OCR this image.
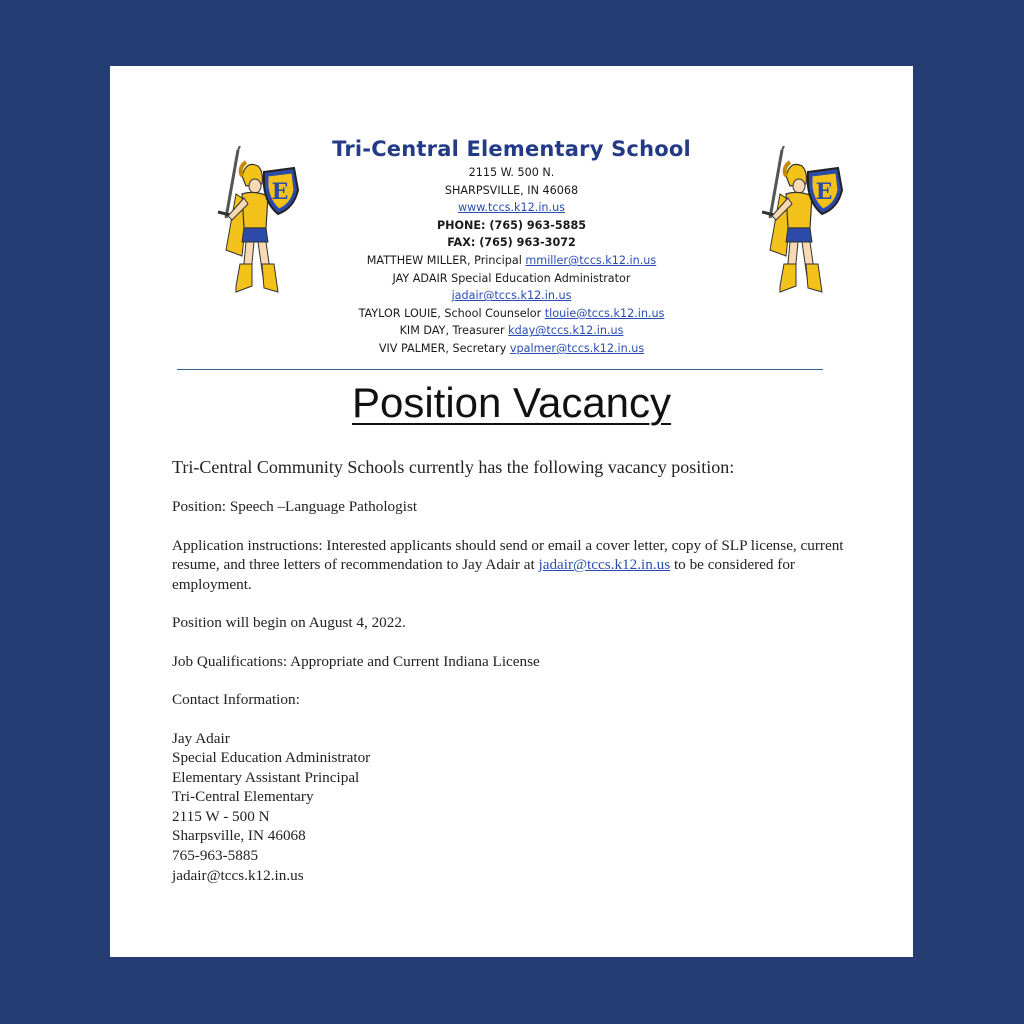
E	E
Tri-Central Elementary School
2115 W. 500 N.
SHARPSVILLE, IN 46068
www.tccs.k12.in.us
PHONE: (765) 963-5885
FAX: (765) 963-3072
MATTHEW MILLER, Principal mmiller@tccs.k12.in.us
JAY ADAIR Special Education Administrator
jadair@tccs.k12.in.us
TAYLOR LOUIE, School Counselor tlouie@tccs.k12.in.us
KIM DAY, Treasurer kday@tccs.k12.in.us
VIV PALMER, Secretary vpalmer@tccs.k12.in.us
Position Vacancy

Tri-Central Community Schools currently has the following vacancy position:

Position: Speech –Language Pathologist

Application instructions: Interested applicants should send or email a cover letter, copy of SLP license, current resume, and three letters of recommendation to Jay Adair at jadair@tccs.k12.in.us to be considered for employment.

Position will begin on August 4, 2022.

Job Qualifications: Appropriate and Current Indiana License

Contact Information:

Jay Adair
Special Education Administrator
Elementary Assistant Principal
Tri-Central Elementary
2115 W - 500 N
Sharpsville, IN 46068
765-963-5885
jadair@tccs.k12.in.us
